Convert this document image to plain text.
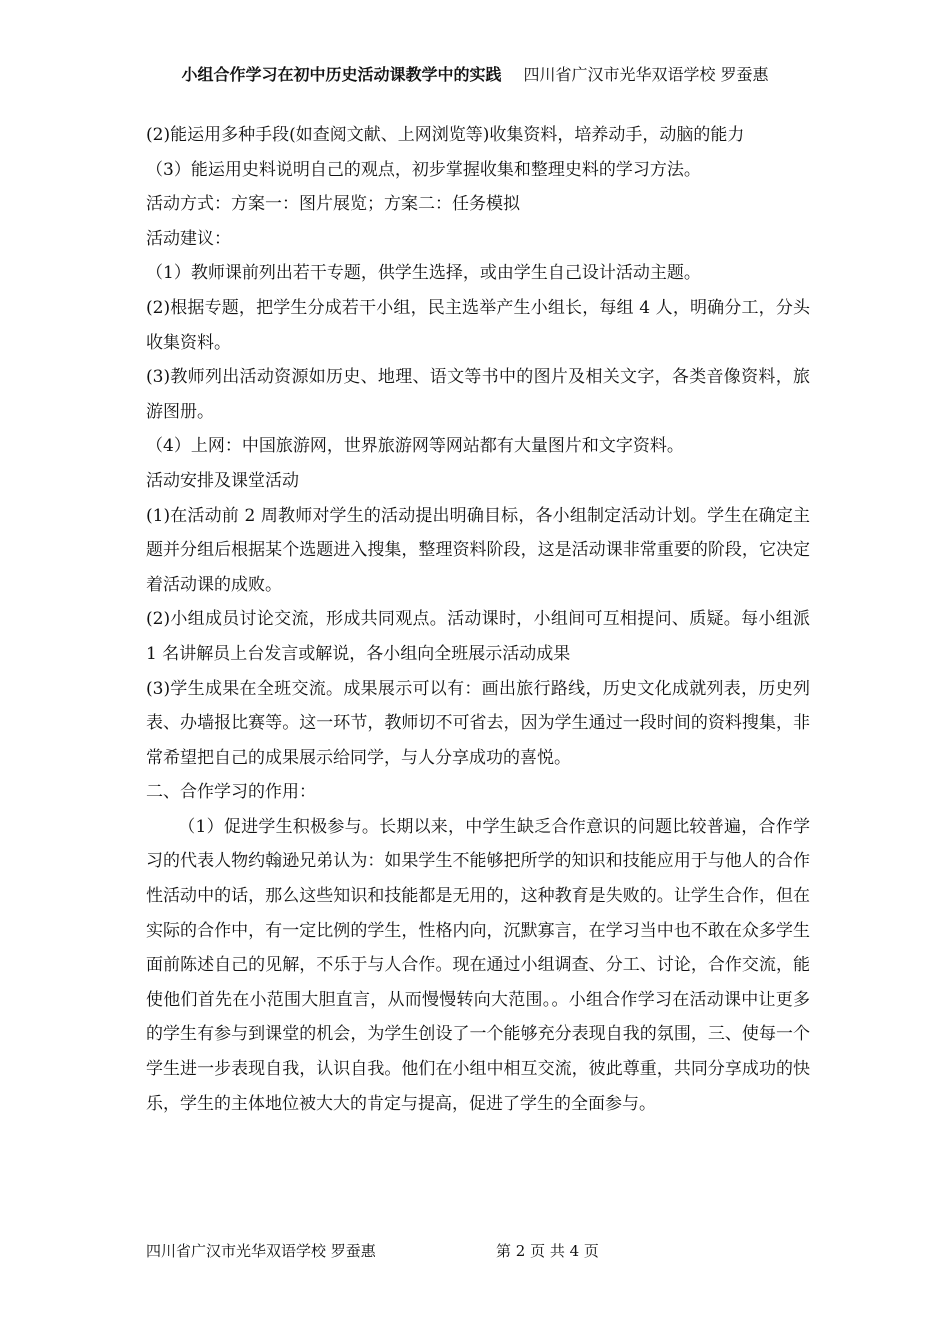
小组合作学习在初中历史活动课教学中的实践 四川省广汉市光华双语学校 罗蚕惠

(2)能运用多种手段(如查阅文献、上网浏览等)收集资料，培养动手，动脑的能力

（3）能运用史料说明自己的观点，初步掌握收集和整理史料的学习方法。

活动方式：方案一：图片展览；方案二：任务模拟

活动建议：

（1）教师课前列出若干专题，供学生选择，或由学生自己设计活动主题。

(2)根据专题，把学生分成若干小组，民主选举产生小组长，每组 4 人，明确分工，分头收集资料。

(3)教师列出活动资源如历史、地理、语文等书中的图片及相关文字，各类音像资料，旅游图册。

（4）上网：中国旅游网，世界旅游网等网站都有大量图片和文字资料。

活动安排及课堂活动

(1)在活动前 2 周教师对学生的活动提出明确目标，各小组制定活动计划。学生在确定主题并分组后根据某个选题进入搜集，整理资料阶段，这是活动课非常重要的阶段，它决定着活动课的成败。

(2)小组成员讨论交流，形成共同观点。活动课时，小组间可互相提问、质疑。每小组派 1 名讲解员上台发言或解说，各小组向全班展示活动成果

(3)学生成果在全班交流。成果展示可以有：画出旅行路线，历史文化成就列表，历史列表、办墙报比赛等。这一环节，教师切不可省去，因为学生通过一段时间的资料搜集，非常希望把自己的成果展示给同学，与人分享成功的喜悦。

二、合作学习的作用：

（1）促进学生积极参与。长期以来，中学生缺乏合作意识的问题比较普遍，合作学习的代表人物约翰逊兄弟认为：如果学生不能够把所学的知识和技能应用于与他人的合作性活动中的话，那么这些知识和技能都是无用的，这种教育是失败的。让学生合作，但在实际的合作中，有一定比例的学生，性格内向，沉默寡言，在学习当中也不敢在众多学生面前陈述自己的见解，不乐于与人合作。现在通过小组调查、分工、讨论，合作交流，能使他们首先在小范围大胆直言，从而慢慢转向大范围。。小组合作学习在活动课中让更多的学生有参与到课堂的机会，为学生创设了一个能够充分表现自我的氛围，三、使每一个学生进一步表现自我，认识自我。他们在小组中相互交流，彼此尊重，共同分享成功的快乐，学生的主体地位被大大的肯定与提高，促进了学生的全面参与。

四川省广汉市光华双语学校 罗蚕惠	第 2 页 共 4 页
